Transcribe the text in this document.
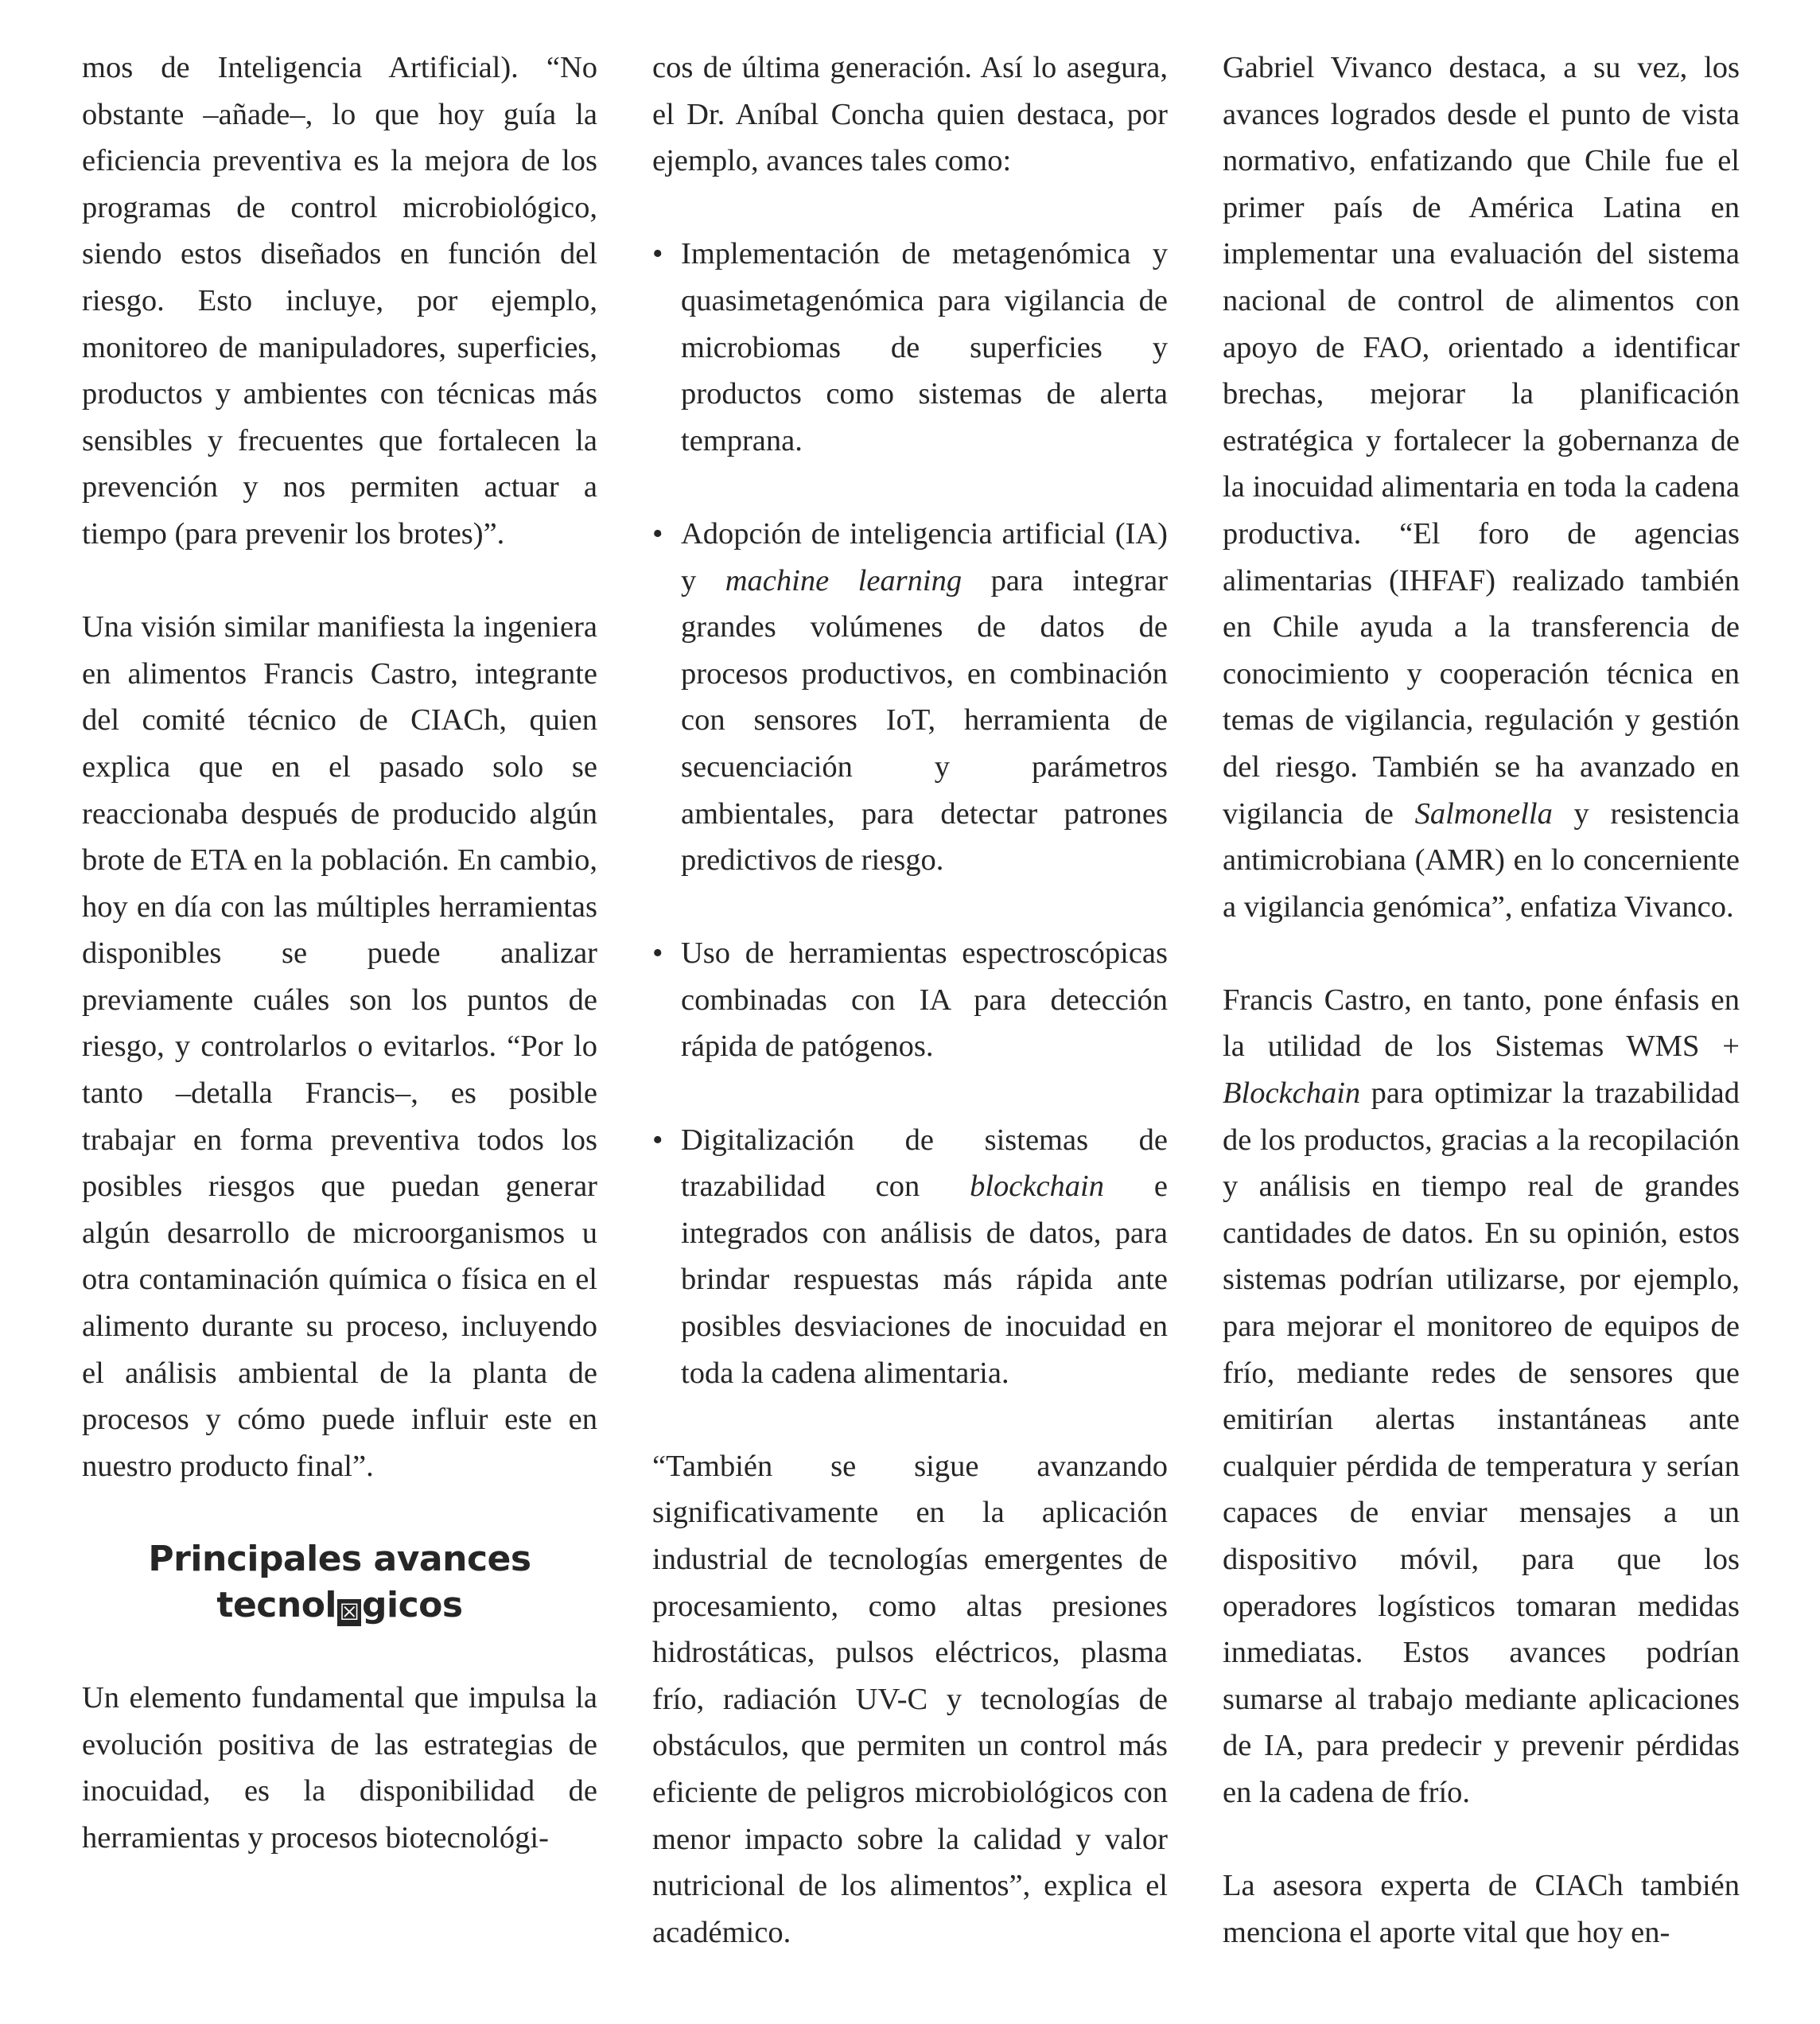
mos de Inteligencia Artificial). “No obstante –añade–, lo que hoy guía la eficiencia preventiva es la mejora de los programas de control microbiológico, siendo estos diseñados en función del riesgo. Esto incluye, por ejemplo, monitoreo de manipuladores, superficies, productos y ambientes con técnicas más sensibles y frecuentes que fortalecen la prevención y nos permiten actuar a tiempo (para prevenir los brotes)”.

Una visión similar manifiesta la ingeniera en alimentos Francis Castro, integrante del comité técnico de CIACh, quien explica que en el pasado solo se reaccionaba después de producido algún brote de ETA en la población. En cambio, hoy en día con las múltiples herramientas disponibles se puede analizar previamente cuáles son los puntos de riesgo, y controlarlos o evitarlos. “Por lo tanto –detalla Francis–, es posible trabajar en forma preventiva todos los posibles riesgos que puedan generar algún desarrollo de microorganismos u otra contaminación química o física en el alimento durante su proceso, incluyendo el análisis ambiental de la planta de procesos y cómo puede influir este en nuestro producto final”.

Principales avances
tecnol ☒gicos

Un elemento fundamental que impulsa la evolución positiva de las estrategias de inocuidad, es la disponibilidad de herramientas y procesos biotecnológi-

cos de última generación. Así lo asegura, el Dr. Aníbal Concha quien destaca, por ejemplo, avances tales como:

• Implementación de metagenómica y quasimetagenómica para vigilancia de microbiomas de superficies y productos como sistemas de alerta temprana.
• Adopción de inteligencia artificial (IA) y machine learning para integrar grandes volúmenes de datos de procesos productivos, en combinación con sensores IoT, herramienta de secuenciación y parámetros ambientales, para detectar patrones predictivos de riesgo.
• Uso de herramientas espectroscópicas combinadas con IA para detección rápida de patógenos.
• Digitalización de sistemas de trazabilidad con blockchain e integrados con análisis de datos, para brindar respuestas más rápida ante posibles desviaciones de inocuidad en toda la cadena alimentaria.

“También se sigue avanzando significativamente en la aplicación industrial de tecnologías emergentes de procesamiento, como altas presiones hidrostáticas, pulsos eléctricos, plasma frío, radiación UV-C y tecnologías de obstáculos, que permiten un control más eficiente de peligros microbiológicos con menor impacto sobre la calidad y valor nutricional de los alimentos”, explica el académico.

Gabriel Vivanco destaca, a su vez, los avances logrados desde el punto de vista normativo, enfatizando que Chile fue el primer país de América Latina en implementar una evaluación del sistema nacional de control de alimentos con apoyo de FAO, orientado a identificar brechas, mejorar la planificación estratégica y fortalecer la gobernanza de la inocuidad alimentaria en toda la cadena productiva. “El foro de agencias alimentarias (IHFAF) realizado también en Chile ayuda a la transferencia de conocimiento y cooperación técnica en temas de vigilancia, regulación y gestión del riesgo. También se ha avanzado en vigilancia de Salmonella y resistencia antimicrobiana (AMR) en lo concerniente a vigilancia genómica”, enfatiza Vivanco.

Francis Castro, en tanto, pone énfasis en la utilidad de los Sistemas WMS + Blockchain para optimizar la trazabilidad de los productos, gracias a la recopilación y análisis en tiempo real de grandes cantidades de datos. En su opinión, estos sistemas podrían utilizarse, por ejemplo, para mejorar el monitoreo de equipos de frío, mediante redes de sensores que emitirían alertas instantáneas ante cualquier pérdida de temperatura y serían capaces de enviar mensajes a un dispositivo móvil, para que los operadores logísticos tomaran medidas inmediatas. Estos avances podrían sumarse al trabajo mediante aplicaciones de IA, para predecir y prevenir pérdidas en la cadena de frío.

La asesora experta de CIACh también menciona el aporte vital que hoy en-
